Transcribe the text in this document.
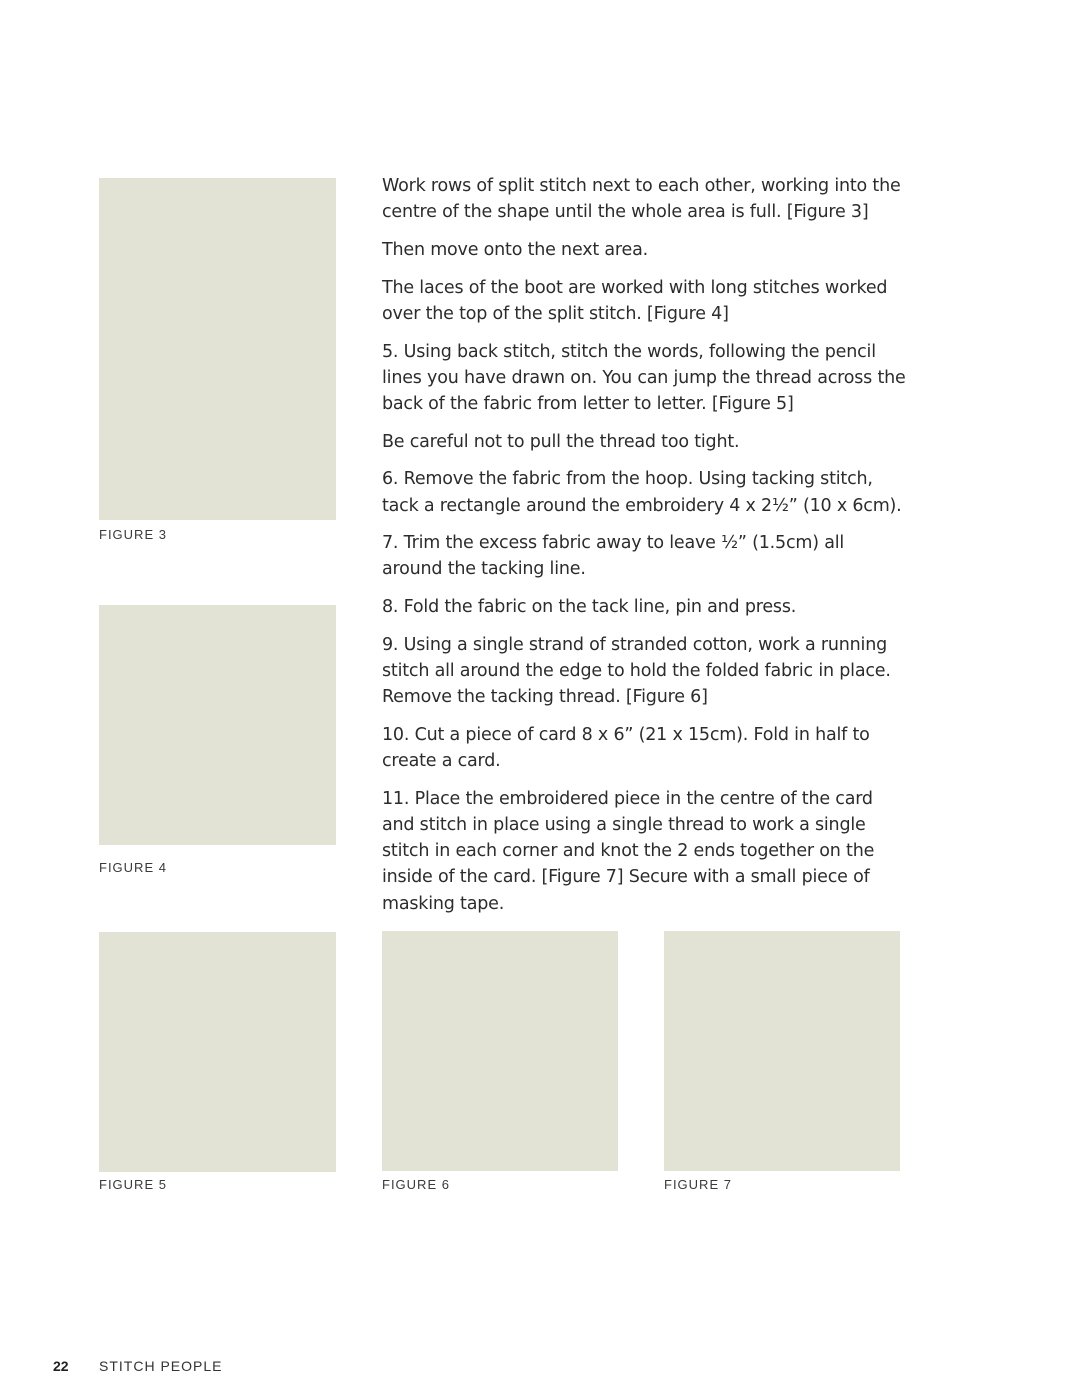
FIGURE 3
FIGURE 4
FIGURE 5	FIGURE 6	FIGURE 7

Work rows of split stitch next to each other, working into the centre of the shape until the whole area is full. [Figure 3]

Then move onto the next area.

The laces of the boot are worked with long stitches worked over the top of the split stitch. [Figure 4]

5. Using back stitch, stitch the words, following the pencil lines you have drawn on. You can jump the thread across the back of the fabric from letter to letter. [Figure 5]

Be careful not to pull the thread too tight.

6. Remove the fabric from the hoop. Using tacking stitch, tack a rectangle around the embroidery 4 x 2½” (10 x 6cm).

7. Trim the excess fabric away to leave ½” (1.5cm) all around the tacking line.

8. Fold the fabric on the tack line, pin and press.

9. Using a single strand of stranded cotton, work a running stitch all around the edge to hold the folded fabric in place. Remove the tacking thread. [Figure 6]

10. Cut a piece of card 8 x 6” (21 x 15cm). Fold in half to create a card.

11. Place the embroidered piece in the centre of the card and stitch in place using a single thread to work a single stitch in each corner and knot the 2 ends together on the inside of the card. [Figure 7] Secure with a small piece of masking tape.

22 STITCH PEOPLE
